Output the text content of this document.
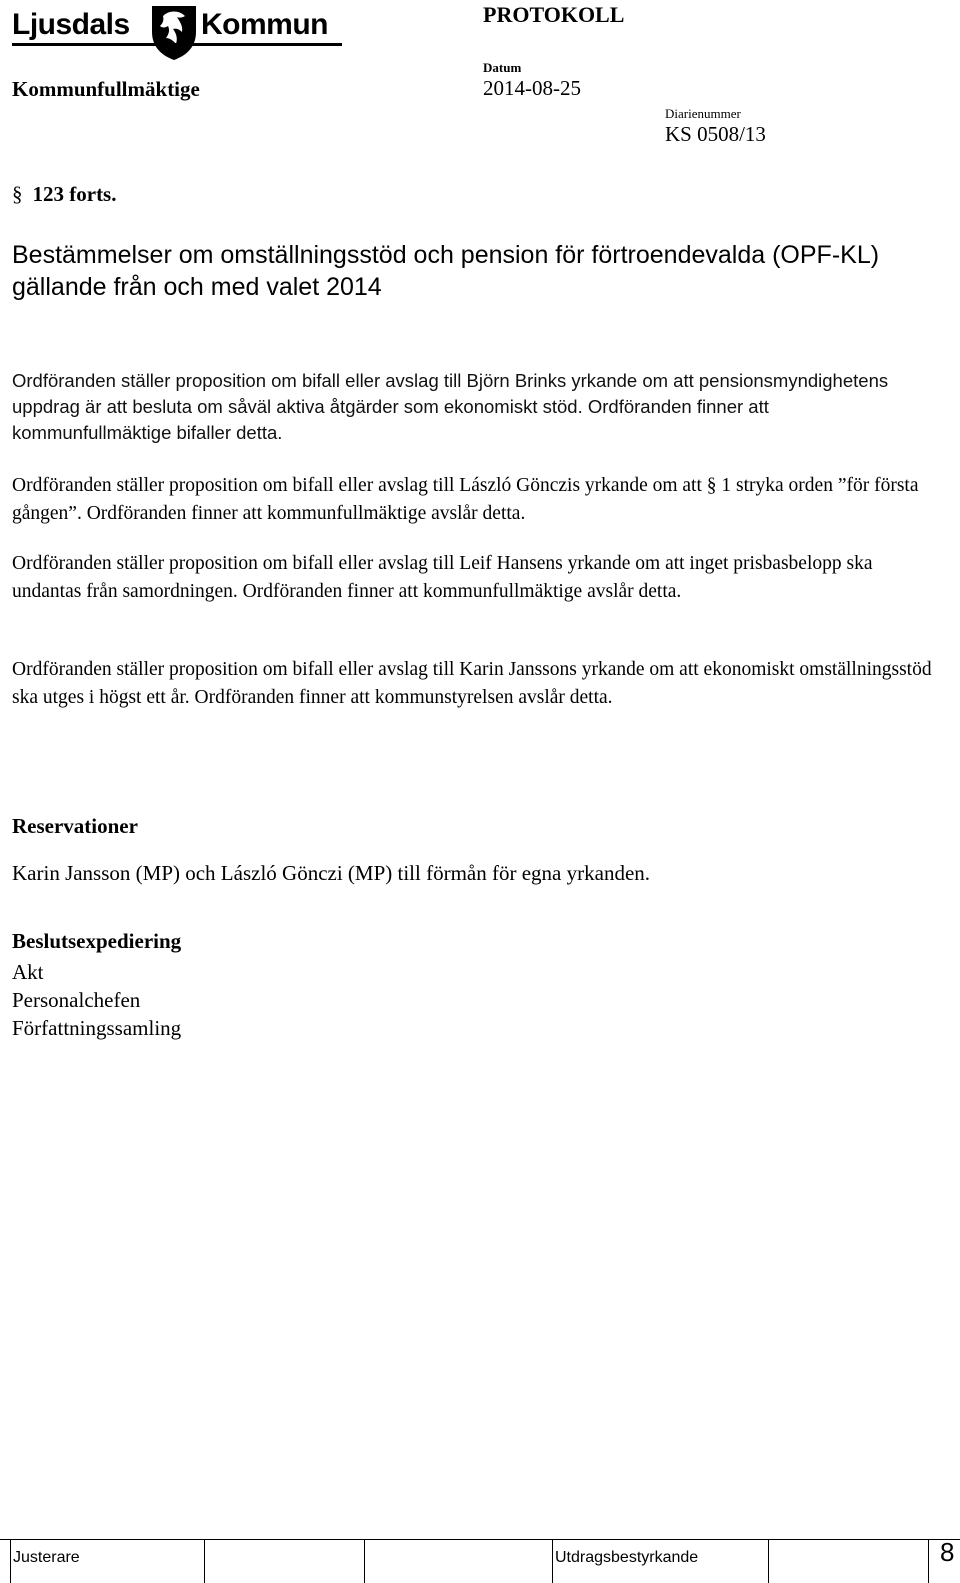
Ljusdals Kommun	PROTOKOLL
Kommunfullmäktige
Datum
2014-08-25
Diarienummer
KS 0508/13
§ 123 forts.
Bestämmelser om omställningsstöd och pension för förtroendevalda (OPF-KL) gällande från och med valet 2014
Ordföranden ställer proposition om bifall eller avslag till Björn Brinks yrkande om att pensionsmyndighetens uppdrag är att besluta om såväl aktiva åtgärder som ekonomiskt stöd. Ordföranden finner att kommunfullmäktige bifaller detta.
Ordföranden ställer proposition om bifall eller avslag till László Gönczis yrkande om att § 1 stryka orden ”för första gången”. Ordföranden finner att kommunfullmäktige avslår detta.
Ordföranden ställer proposition om bifall eller avslag till Leif Hansens yrkande om att inget prisbasbelopp ska undantas från samordningen. Ordföranden finner att kommunfullmäktige avslår detta.
Ordföranden ställer proposition om bifall eller avslag till Karin Janssons yrkande om att ekonomiskt omställningsstöd ska utges i högst ett år. Ordföranden finner att kommunstyrelsen avslår detta.
Reservationer
Karin Jansson (MP) och László Gönczi (MP) till förmån för egna yrkanden.
Beslutsexpediering
Akt
Personalchefen
Författningssamling
Justerare	Utdragsbestyrkande	8
